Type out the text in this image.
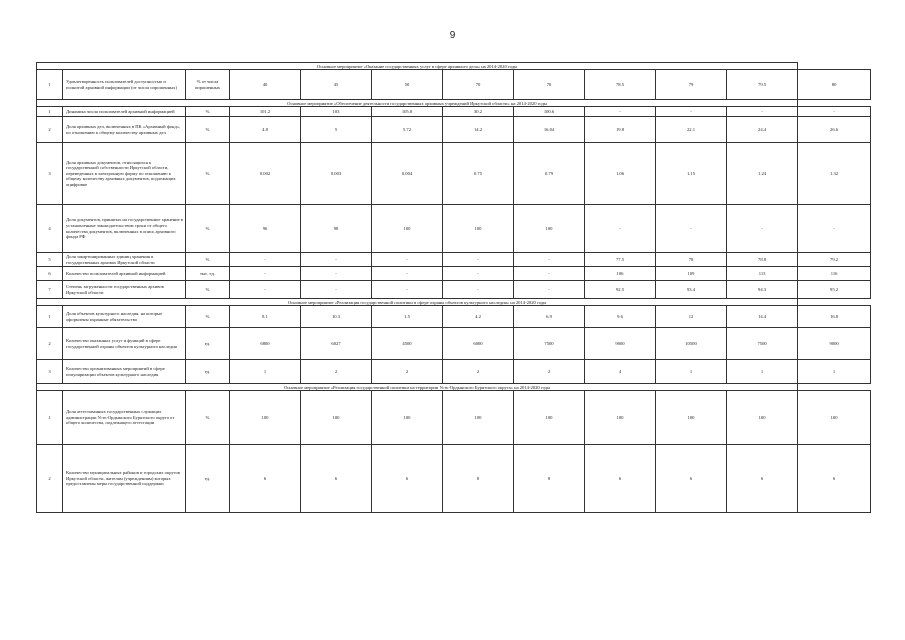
9
Основное мероприятие «Оказание государственных услуг в сфере архивного дела» на 2014-2020 годы											
1	Удовлетворенность пользователей доступностью и полнотой архивной информации (от числа опрошенных)	% от числа опрошенных	40	45	50	70	70	78.5	79	79.5	80
Основное мероприятие «Обеспечение деятельности государственных архивных учреждений Иркутской области» на 2014-2020 годы											
1	Динамика числа пользователей архивной информацией	%	101.2	103	105.8	30.2	100.6	-	-	-	-
2	Доля архивных дел, включенных в ПК «Архивный фонд», по отношению к общему количеству архивных дел	%	4.8	5	5.72	14.2	16.04	19.8	22.1	24.4	26.6
3	Доля архивных документов, относящихся к государственной собственности Иркутской области, переведенных в электронную форму по отношению к общему количеству архивных документов, подлежащих оцифровке	%	0.002	0.003	0.004	0.75	0.79	1.06	1.15	1.24	1.32
4	Доля документов, принятых на государственное хранение в установленные законодательством сроки от общего количества документов, включенных в опись архивного фонда РФ	%	96	98	100	100	100	-	-	-	-
5	Доля закартонированных единиц хранения в государственных архивах Иркутской области	%	-	-	-	-	-	77.5	78	78.8	79.2
6	Количество пользователей архивной информацией	тыс. ед.	-	-	-	-	-	106	109	113	116
7	Степень загруженности государственных архивов Иркутской области	%	-	-	-	-	-	92.5	93.4	94.3	95.2
Основное мероприятие «Реализация государственной политики в сфере охраны объектов культурного наследия» на 2014-2020 годы											
1	Доля объектов культурного наследия, на которые оформлены охранные обязательства	%	8.1	10.3	1.5	4.2	6.9	9.6	12	14.4	16.8
2	Количество оказанных услуг и функций в сфере государственной охраны объектов культурного наследия	ед.	6800	6027	4500	6000	7500	9000	10500	7500	9000
3	Количество организованных мероприятий в сфере популяризации объектов культурного наследия	ед.	1	2	2	2	2	4	1	1	1
Основное мероприятие «Реализация государственной политики на территории Усть-Ордынского Бурятского округа» на 2014-2020 годы											
1	Доля аттестованных государственных служащих администрации Усть-Ордынского Бурятского округа от общего количества, подлежащего аттестации	%	100	100	100	100	100	100	100	100	100
2	Количество муниципальных районов и городских округов Иркутской области, жителям (учреждениям) которых предоставлены меры государственной поддержки	ед.	6	6	6	8	8	6	6	6	6
